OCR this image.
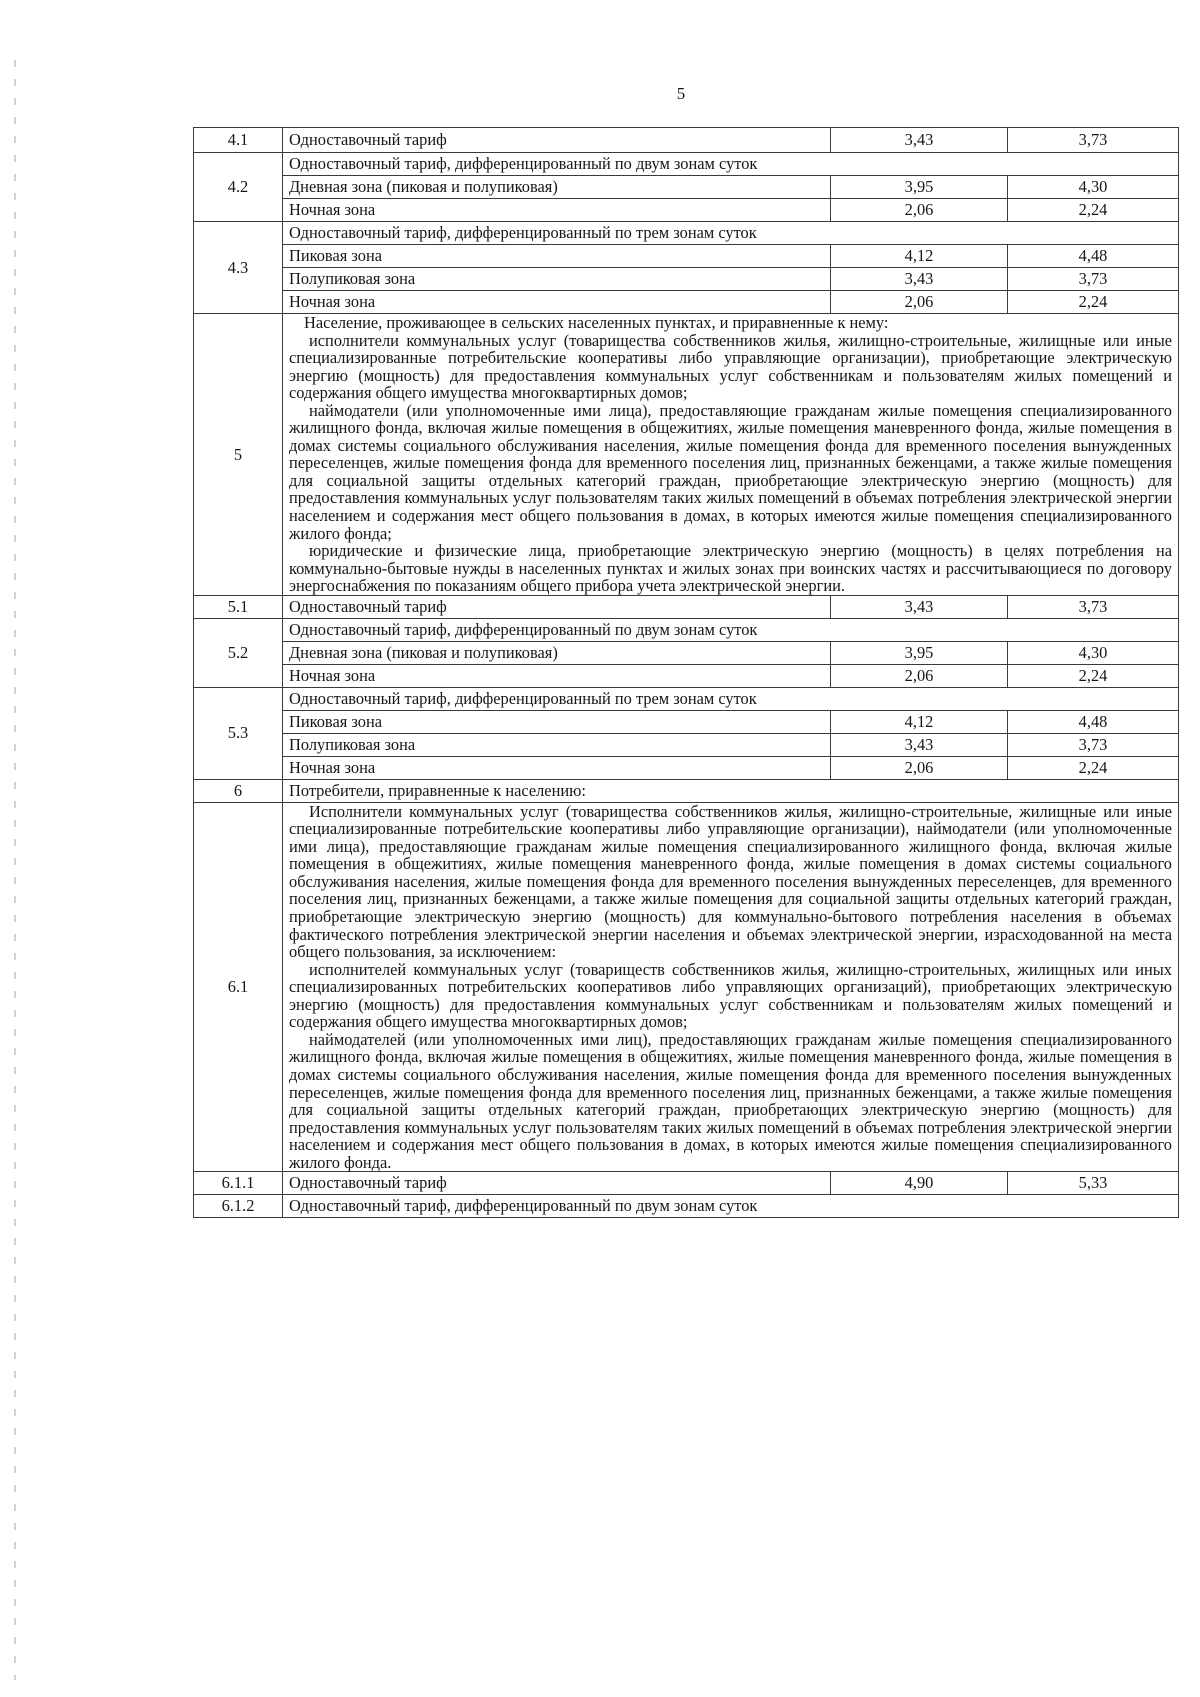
5
4.1	Одноставочный тариф	3,43	3,73
4.2	Одноставочный тариф, дифференцированный по двум зонам суток		
	Дневная зона (пиковая и полупиковая)	3,95	4,30
	Ночная зона	2,06	2,24
4.3	Одноставочный тариф, дифференцированный по трем зонам суток		
	Пиковая зона	4,12	4,48
	Полупиковая зона	3,43	3,73
	Ночная зона	2,06	2,24
5	Население, проживающее в сельских населенных пунктах, и приравненные к нему:

исполнители коммунальных услуг (товарищества собственников жилья, жилищно-строительные, жилищные или иные специализированные потребительские кооперативы либо управляющие организации), приобретающие электрическую энергию (мощность) для предоставления коммунальных услуг собственникам и пользователям жилых помещений и содержания общего имущества многоквартирных домов;

наймодатели (или уполномоченные ими лица), предоставляющие гражданам жилые помещения специализированного жилищного фонда, включая жилые помещения в общежитиях, жилые помещения маневренного фонда, жилые помещения в домах системы социального обслуживания населения, жилые помещения фонда для временного поселения вынужденных переселенцев, жилые помещения фонда для временного поселения лиц, признанных беженцами, а также жилые помещения для социальной защиты отдельных категорий граждан, приобретающие электрическую энергию (мощность) для предоставления коммунальных услуг пользователям таких жилых помещений в объемах потребления электрической энергии населением и содержания мест общего пользования в домах, в которых имеются жилые помещения специализированного жилого фонда;

юридические и физические лица, приобретающие электрическую энергию (мощность) в целях потребления на коммунально-бытовые нужды в населенных пунктах и жилых зонах при воинских частях и рассчитывающиеся по договору энергоснабжения по показаниям общего прибора учета электрической энергии.		

5.1	Одноставочный тариф	3,43	3,73
5.2	Одноставочный тариф, дифференцированный по двум зонам суток		
	Дневная зона (пиковая и полупиковая)	3,95	4,30
	Ночная зона	2,06	2,24
5.3	Одноставочный тариф, дифференцированный по трем зонам суток		
	Пиковая зона	4,12	4,48
	Полупиковая зона	3,43	3,73
	Ночная зона	2,06	2,24
6	Потребители, приравненные к населению:		
6.1	Исполнители коммунальных услуг (товарищества собственников жилья, жилищно-строительные, жилищные или иные специализированные потребительские кооперативы либо управляющие организации), наймодатели (или уполномоченные ими лица), предоставляющие гражданам жилые помещения специализированного жилищного фонда, включая жилые помещения в общежитиях, жилые помещения маневренного фонда, жилые помещения в домах системы социального обслуживания населения, жилые помещения фонда для временного поселения вынужденных переселенцев, для временного поселения лиц, признанных беженцами, а также жилые помещения для социальной защиты отдельных категорий граждан, приобретающие электрическую энергию (мощность) для коммунально-бытового потребления населения в объемах фактического потребления электрической энергии населения и объемах электрической энергии, израсходованной на места общего пользования, за исключением:

исполнителей коммунальных услуг (товариществ собственников жилья, жилищно-строительных, жилищных или иных специализированных потребительских кооперативов либо управляющих организаций), приобретающих электрическую энергию (мощность) для предоставления коммунальных услуг собственникам и пользователям жилых помещений и содержания общего имущества многоквартирных домов;

наймодателей (или уполномоченных ими лиц), предоставляющих гражданам жилые помещения специализированного жилищного фонда, включая жилые помещения в общежитиях, жилые помещения маневренного фонда, жилые помещения в домах системы социального обслуживания населения, жилые помещения фонда для временного поселения вынужденных переселенцев, жилые помещения фонда для временного поселения лиц, признанных беженцами, а также жилые помещения для социальной защиты отдельных категорий граждан, приобретающих электрическую энергию (мощность) для предоставления коммунальных услуг пользователям таких жилых помещений в объемах потребления электрической энергии населением и содержания мест общего пользования в домах, в которых имеются жилые помещения специализированного жилого фонда.		

6.1.1	Одноставочный тариф	4,90	5,33
6.1.2	Одноставочный тариф, дифференцированный по двум зонам суток		
